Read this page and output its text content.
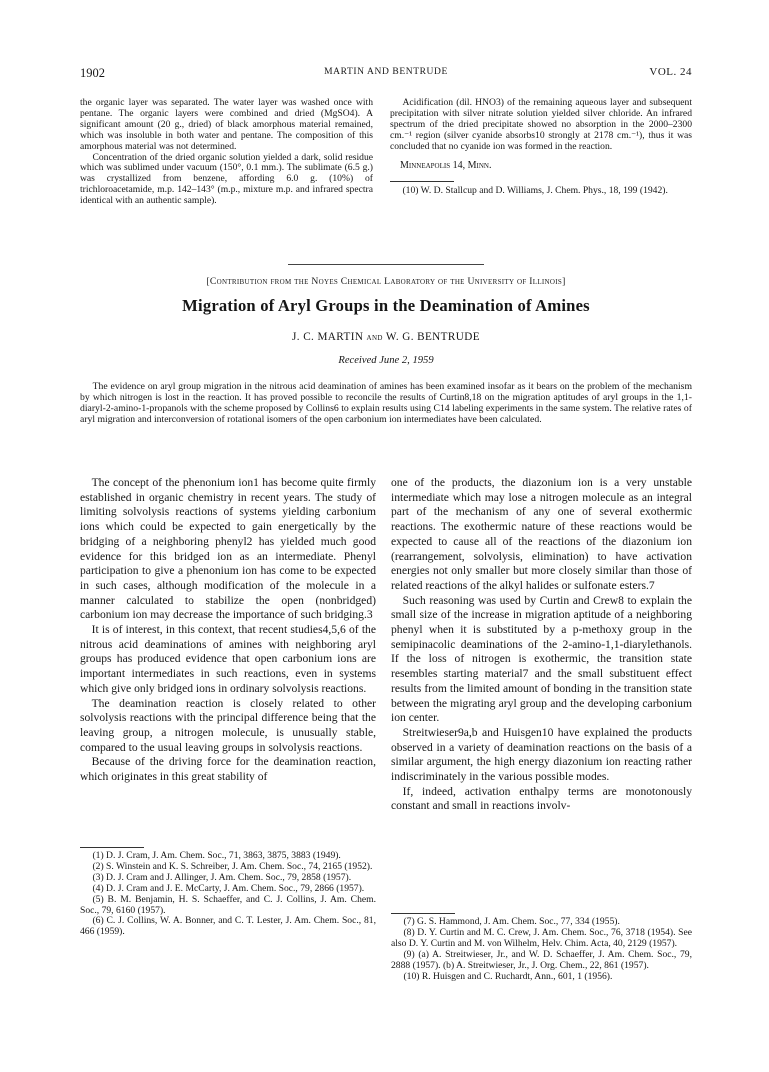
1902	MARTIN AND BENTRUDE	VOL. 24

the organic layer was separated. The water layer was washed once with pentane. The organic layers were combined and dried (MgSO4). A significant amount (20 g., dried) of black amorphous material remained, which was insoluble in both water and pentane. The composition of this amorphous material was not determined.

Concentration of the dried organic solution yielded a dark, solid residue which was sublimed under vacuum (150°, 0.1 mm.). The sublimate (6.5 g.) was crystallized from benzene, affording 6.0 g. (10%) of trichloroacetamide, m.p. 142–143° (m.p., mixture m.p. and infrared spectra identical with an authentic sample).

Acidification (dil. HNO3) of the remaining aqueous layer and subsequent precipitation with silver nitrate solution yielded silver chloride. An infrared spectrum of the dried precipitate showed no absorption in the 2000–2300 cm.⁻¹ region (silver cyanide absorbs10 strongly at 2178 cm.⁻¹), thus it was concluded that no cyanide ion was formed in the reaction.

Minneapolis 14, Minn.

(10) W. D. Stallcup and D. Williams, J. Chem. Phys., 18, 199 (1942).

[Contribution from the Noyes Chemical Laboratory of the University of Illinois]
Migration of Aryl Groups in the Deamination of Amines
J. C. MARTIN and W. G. BENTRUDE
Received June 2, 1959

The evidence on aryl group migration in the nitrous acid deamination of amines has been examined insofar as it bears on the problem of the mechanism by which nitrogen is lost in the reaction. It has proved possible to reconcile the results of Curtin8,18 on the migration aptitudes of aryl groups in the 1,1-diaryl-2-amino-1-propanols with the scheme proposed by Collins6 to explain results using C14 labeling experiments in the same system. The relative rates of aryl migration and interconversion of rotational isomers of the open carbonium ion intermediates have been calculated.

The concept of the phenonium ion1 has become quite firmly established in organic chemistry in recent years. The study of limiting solvolysis reactions of systems yielding carbonium ions which could be expected to gain energetically by the bridging of a neighboring phenyl2 has yielded much good evidence for this bridged ion as an intermediate. Phenyl participation to give a phenonium ion has come to be expected in such cases, although modification of the molecule in a manner calculated to stabilize the open (nonbridged) carbonium ion may decrease the importance of such bridging.3

It is of interest, in this context, that recent studies4,5,6 of the nitrous acid deaminations of amines with neighboring aryl groups has produced evidence that open carbonium ions are important intermediates in such reactions, even in systems which give only bridged ions in ordinary solvolysis reactions.

The deamination reaction is closely related to other solvolysis reactions with the principal difference being that the leaving group, a nitrogen molecule, is unusually stable, compared to the usual leaving groups in solvolysis reactions.

Because of the driving force for the deamination reaction, which originates in this great stability of

one of the products, the diazonium ion is a very unstable intermediate which may lose a nitrogen molecule as an integral part of the mechanism of any one of several exothermic reactions. The exothermic nature of these reactions would be expected to cause all of the reactions of the diazonium ion (rearrangement, solvolysis, elimination) to have activation energies not only smaller but more closely similar than those of related reactions of the alkyl halides or sulfonate esters.7

Such reasoning was used by Curtin and Crew8 to explain the small size of the increase in migration aptitude of a neighboring phenyl when it is substituted by a p-methoxy group in the semipinacolic deaminations of the 2-amino-1,1-diarylethanols. If the loss of nitrogen is exothermic, the transition state resembles starting material7 and the small substituent effect results from the limited amount of bonding in the transition state between the migrating aryl group and the developing carbonium ion center.

Streitwieser9a,b and Huisgen10 have explained the products observed in a variety of deamination reactions on the basis of a similar argument, the high energy diazonium ion reacting rather indiscriminately in the various possible modes.

If, indeed, activation enthalpy terms are monotonously constant and small in reactions involv-

(1) D. J. Cram, J. Am. Chem. Soc., 71, 3863, 3875, 3883 (1949).

(2) S. Winstein and K. S. Schreiber, J. Am. Chem. Soc., 74, 2165 (1952).

(3) D. J. Cram and J. Allinger, J. Am. Chem. Soc., 79, 2858 (1957).

(4) D. J. Cram and J. E. McCarty, J. Am. Chem. Soc., 79, 2866 (1957).

(5) B. M. Benjamin, H. S. Schaeffer, and C. J. Collins, J. Am. Chem. Soc., 79, 6160 (1957).

(6) C. J. Collins, W. A. Bonner, and C. T. Lester, J. Am. Chem. Soc., 81, 466 (1959).

(7) G. S. Hammond, J. Am. Chem. Soc., 77, 334 (1955).

(8) D. Y. Curtin and M. C. Crew, J. Am. Chem. Soc., 76, 3718 (1954). See also D. Y. Curtin and M. von Wilhelm, Helv. Chim. Acta, 40, 2129 (1957).

(9) (a) A. Streitwieser, Jr., and W. D. Schaeffer, J. Am. Chem. Soc., 79, 2888 (1957). (b) A. Streitwieser, Jr., J. Org. Chem., 22, 861 (1957).

(10) R. Huisgen and C. Ruchardt, Ann., 601, 1 (1956).
